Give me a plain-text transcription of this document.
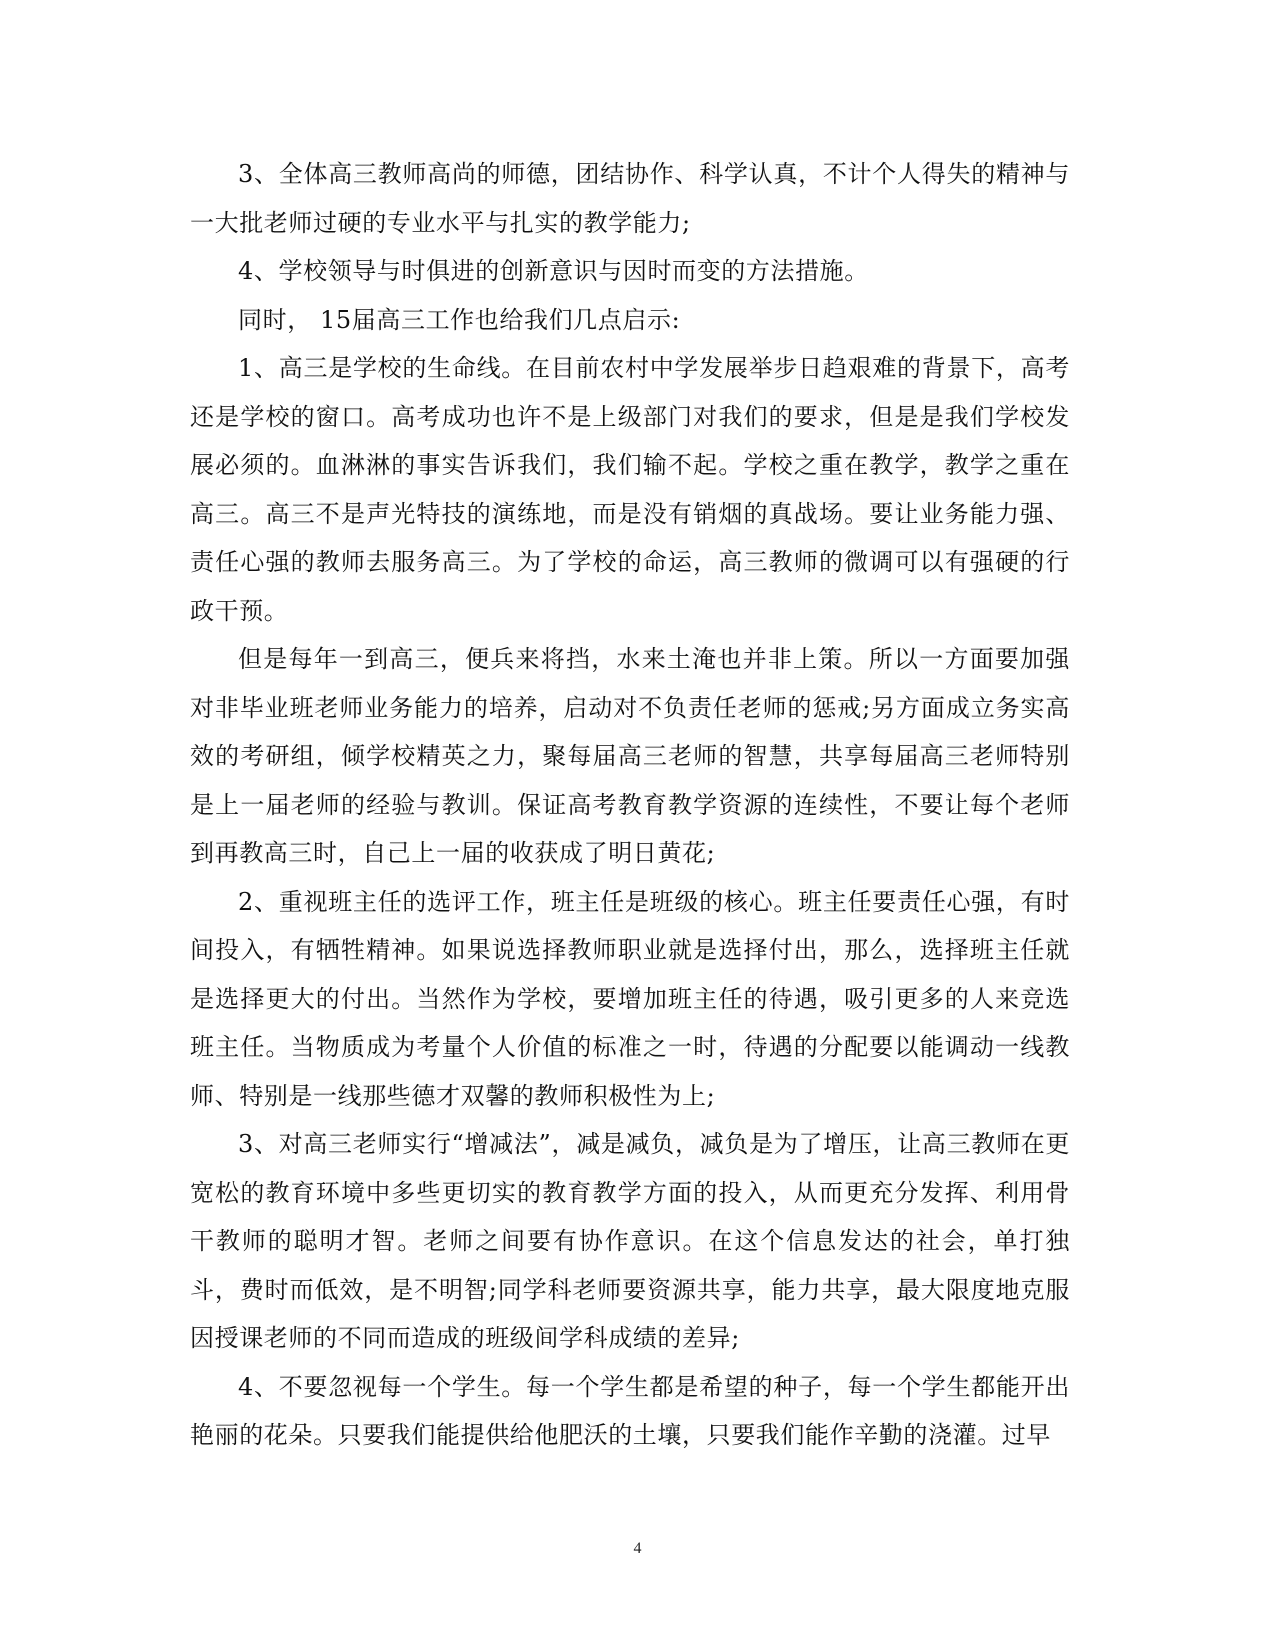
3、全体高三教师高尚的师德，团结协作、科学认真，不计个人得失的精神与一大批老师过硬的专业水平与扎实的教学能力;

4、学校领导与时俱进的创新意识与因时而变的方法措施。

同时， 15届高三工作也给我们几点启示:

1、高三是学校的生命线。在目前农村中学发展举步日趋艰难的背景下，高考还是学校的窗口。高考成功也许不是上级部门对我们的要求，但是是我们学校发展必须的。血淋淋的事实告诉我们，我们输不起。学校之重在教学，教学之重在高三。高三不是声光特技的演练地，而是没有销烟的真战场。要让业务能力强、责任心强的教师去服务高三。为了学校的命运，高三教师的微调可以有强硬的行政干预。

但是每年一到高三，便兵来将挡，水来土淹也并非上策。所以一方面要加强对非毕业班老师业务能力的培养，启动对不负责任老师的惩戒;另方面成立务实高效的考研组，倾学校精英之力，聚每届高三老师的智慧，共享每届高三老师特别是上一届老师的经验与教训。保证高考教育教学资源的连续性，不要让每个老师到再教高三时，自己上一届的收获成了明日黄花;

2、重视班主任的选评工作，班主任是班级的核心。班主任要责任心强，有时间投入，有牺牲精神。如果说选择教师职业就是选择付出，那么，选择班主任就是选择更大的付出。当然作为学校，要增加班主任的待遇，吸引更多的人来竞选班主任。当物质成为考量个人价值的标准之一时，待遇的分配要以能调动一线教师、特别是一线那些德才双馨的教师积极性为上;

3、对高三老师实行“增减法”，减是减负，减负是为了增压，让高三教师在更宽松的教育环境中多些更切实的教育教学方面的投入，从而更充分发挥、利用骨干教师的聪明才智。老师之间要有协作意识。在这个信息发达的社会，单打独斗，费时而低效，是不明智;同学科老师要资源共享，能力共享，最大限度地克服因授课老师的不同而造成的班级间学科成绩的差异;

4、不要忽视每一个学生。每一个学生都是希望的种子，每一个学生都能开出艳丽的花朵。只要我们能提供给他肥沃的土壤，只要我们能作辛勤的浇灌。过早

4
